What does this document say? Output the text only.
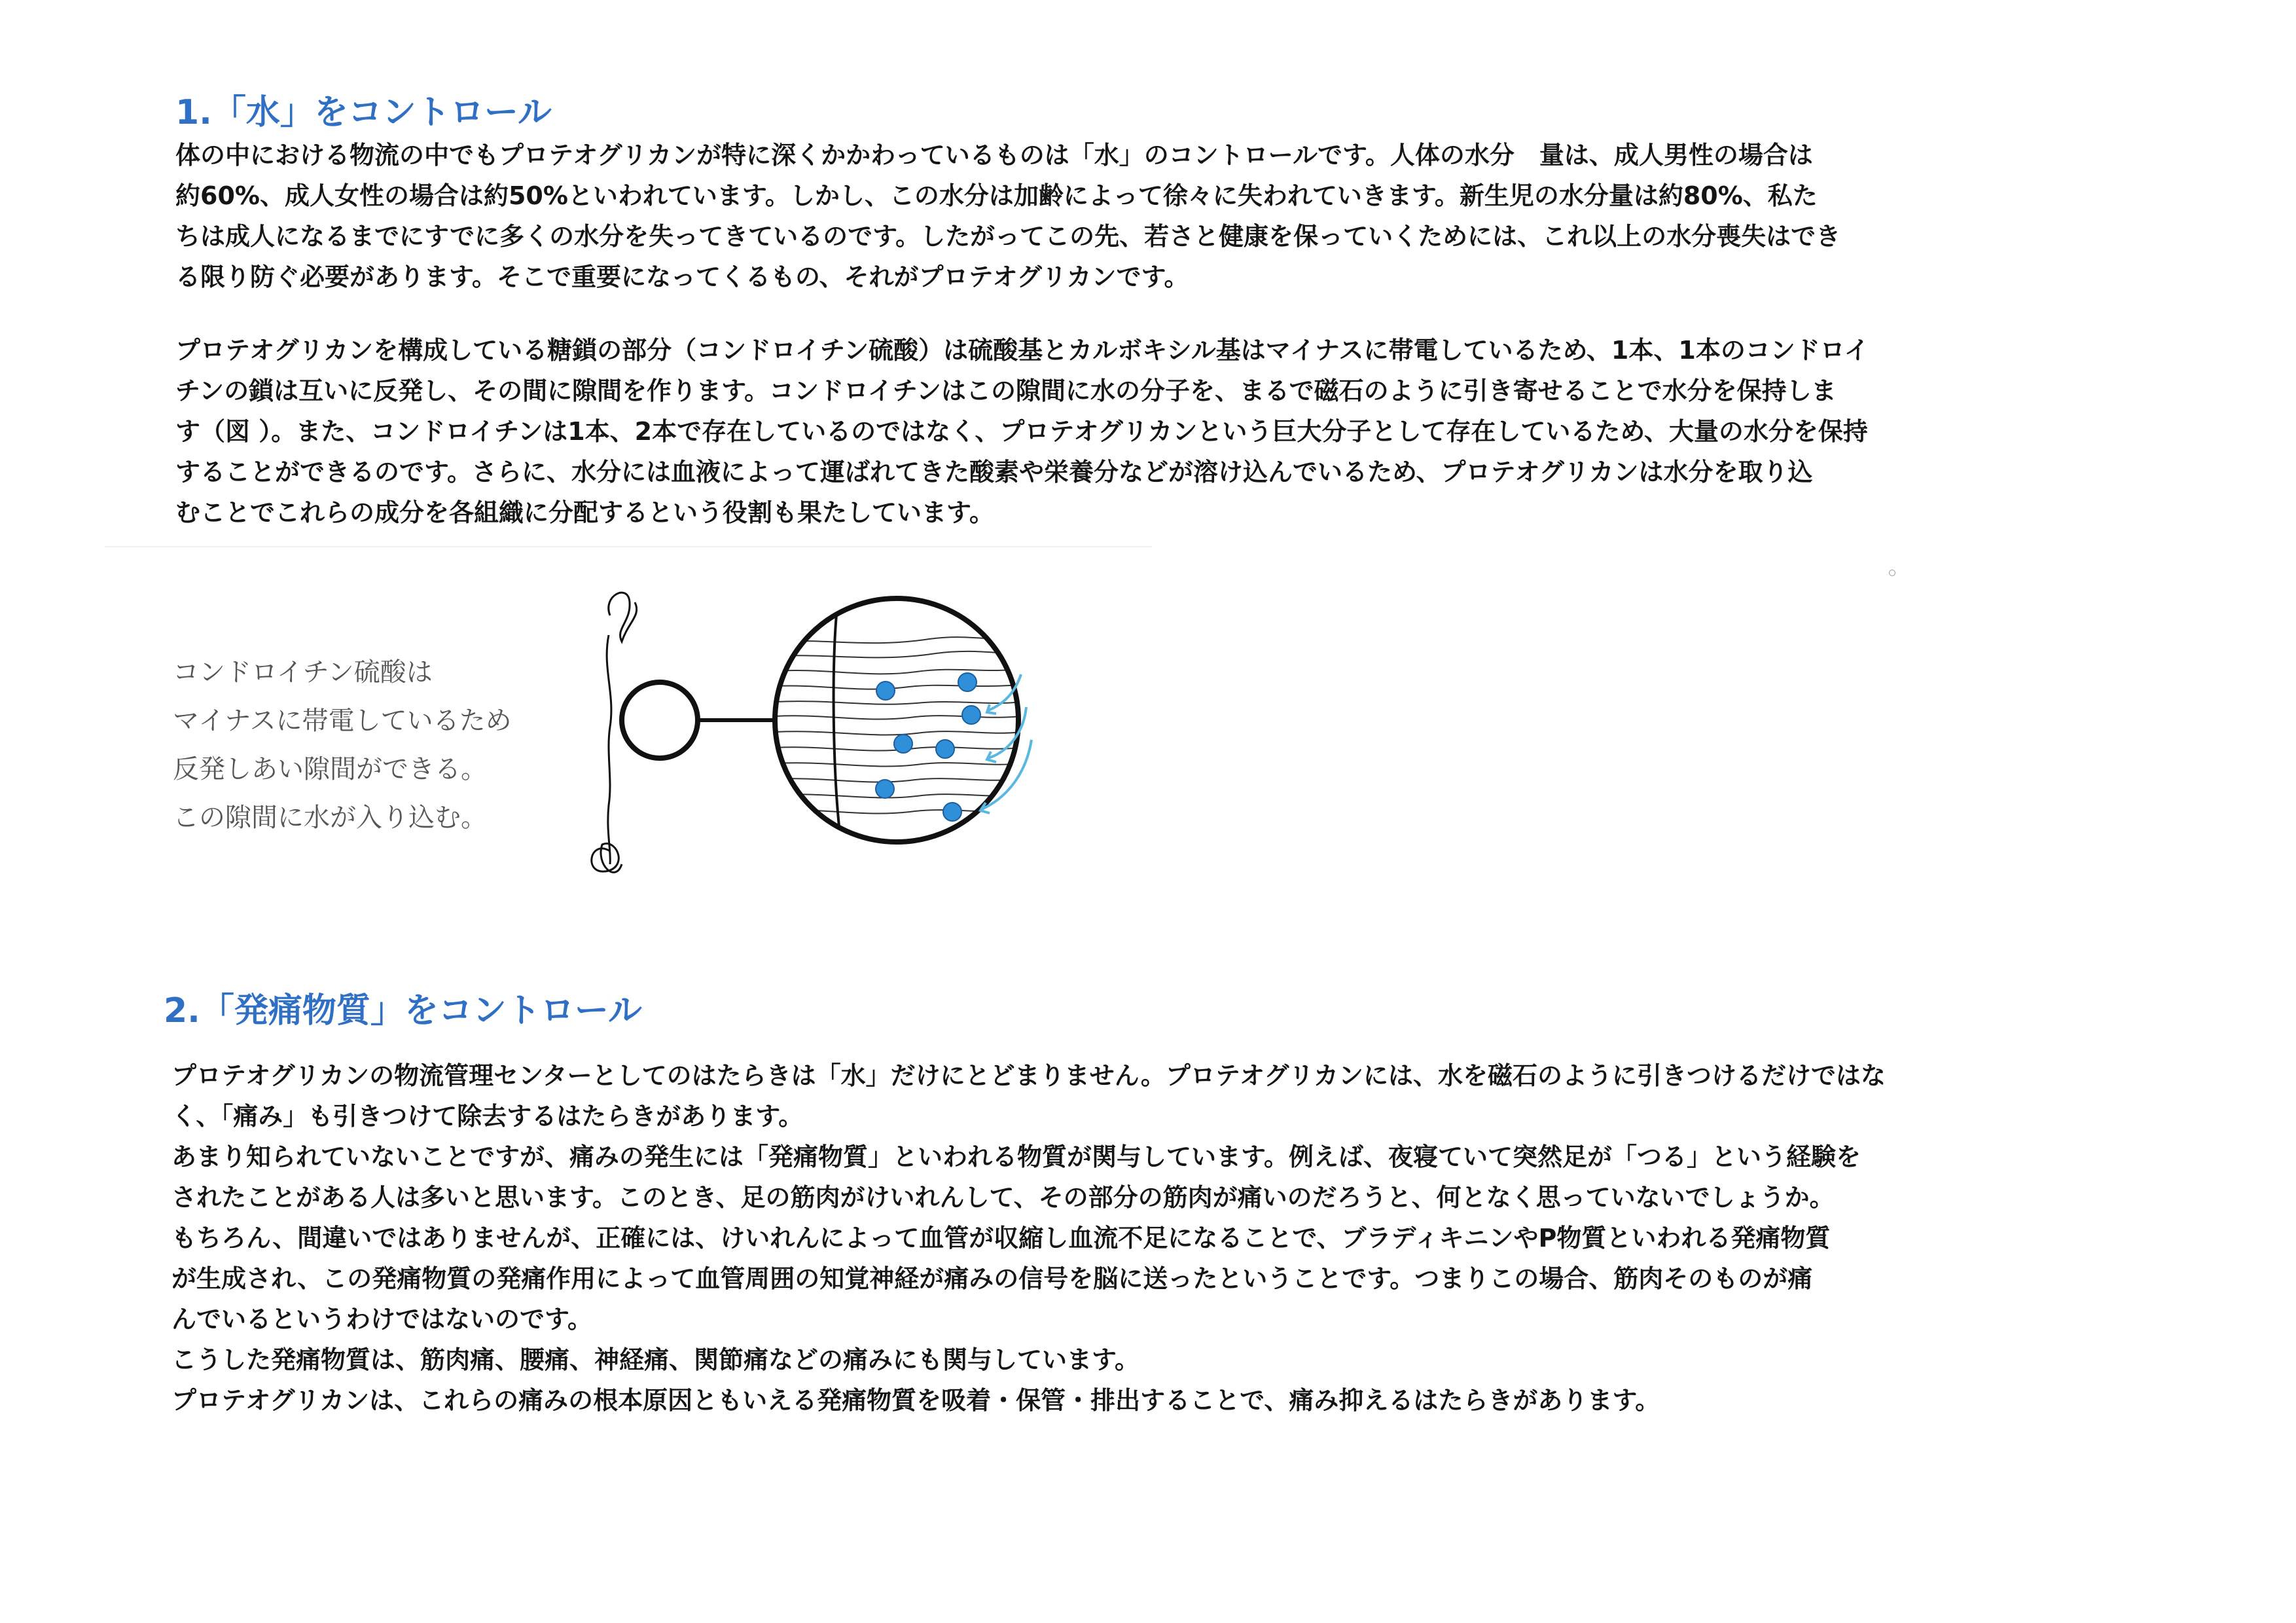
1.「水」をコントロール

体の中における物流の中でもプロテオグリカンが特に深くかかわっているものは「水」のコントロールです。人体の水分　量は、成人男性の場合は
約60%、成人女性の場合は約50%といわれています。しかし、この水分は加齢によって徐々に失われていきます。新生児の水分量は約80%、私た
ちは成人になるまでにすでに多くの水分を失ってきているのです。したがってこの先、若さと健康を保っていくためには、これ以上の水分喪失はでき
る限り防ぐ必要があります。そこで重要になってくるもの、それがプロテオグリカンです。

プロテオグリカンを構成している糖鎖の部分（コンドロイチン硫酸）は硫酸基とカルボキシル基はマイナスに帯電しているため、1本、1本のコンドロイ
チンの鎖は互いに反発し、その間に隙間を作ります。コンドロイチンはこの隙間に水の分子を、まるで磁石のように引き寄せることで水分を保持しま
す（図 ）。また、コンドロイチンは1本、2本で存在しているのではなく、プロテオグリカンという巨大分子として存在しているため、大量の水分を保持
することができるのです。さらに、水分には血液によって運ばれてきた酸素や栄養分などが溶け込んでいるため、プロテオグリカンは水分を取り込
むことでこれらの成分を各組織に分配するという役割も果たしています。

コンドロイチン硫酸は
マイナスに帯電しているため
反発しあい隙間ができる。
この隙間に水が入り込む。

2.「発痛物質」をコントロール

プロテオグリカンの物流管理センターとしてのはたらきは「水」だけにとどまりません。プロテオグリカンには、水を磁石のように引きつけるだけではな
く、「痛み」も引きつけて除去するはたらきがあります。
あまり知られていないことですが、痛みの発生には「発痛物質」といわれる物質が関与しています。例えば、夜寝ていて突然足が「つる」という経験を
されたことがある人は多いと思います。このとき、足の筋肉がけいれんして、その部分の筋肉が痛いのだろうと、何となく思っていないでしょうか。
もちろん、間違いではありませんが、正確には、けいれんによって血管が収縮し血流不足になることで、ブラディキニンやP物質といわれる発痛物質
が生成され、この発痛物質の発痛作用によって血管周囲の知覚神経が痛みの信号を脳に送ったということです。つまりこの場合、筋肉そのものが痛
んでいるというわけではないのです。
こうした発痛物質は、筋肉痛、腰痛、神経痛、関節痛などの痛みにも関与しています。
プロテオグリカンは、これらの痛みの根本原因ともいえる発痛物質を吸着・保管・排出することで、痛み抑えるはたらきがあります。
